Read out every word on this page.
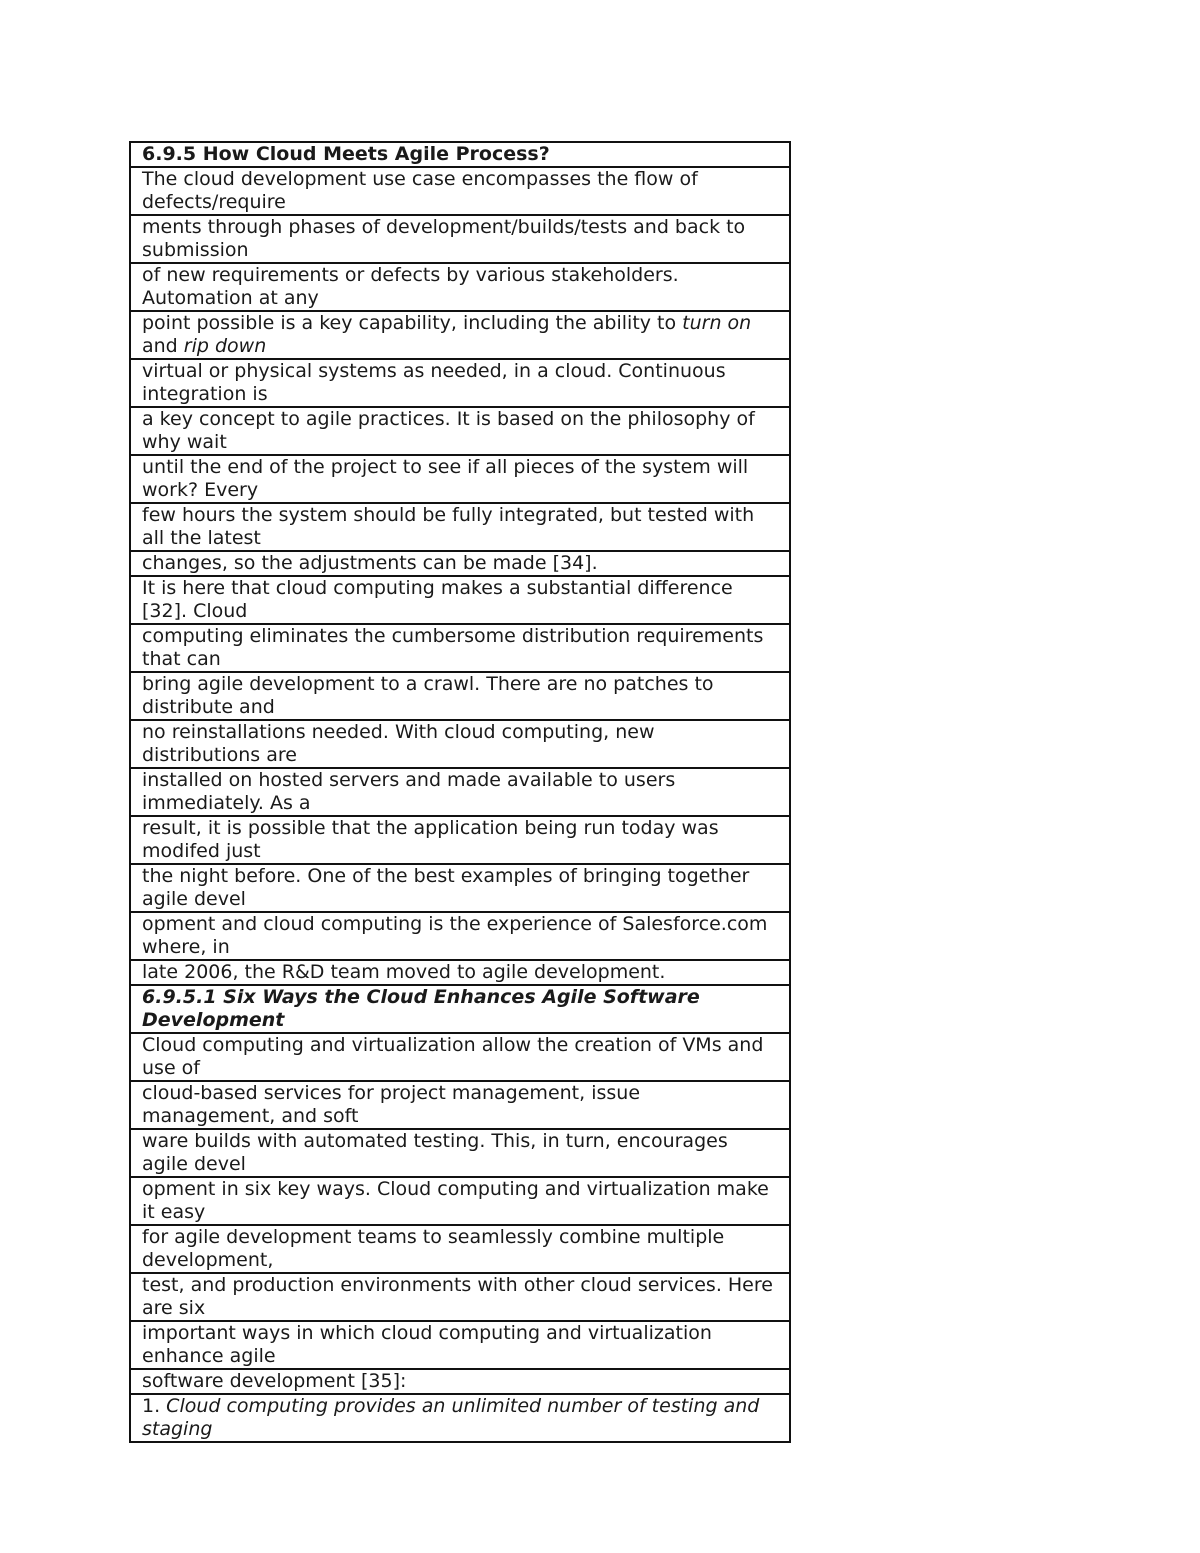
6.9.5 How Cloud Meets Agile Process?
The cloud development use case encompasses the flow of defects/require
ments through phases of development/builds/tests and back to submission
of new requirements or defects by various stakeholders. Automation at any
point possible is a key capability, including the ability to turn on and rip down
virtual or physical systems as needed, in a cloud. Continuous integration is
a key concept to agile practices. It is based on the philosophy of why wait
until the end of the project to see if all pieces of the system will work? Every
few hours the system should be fully integrated, but tested with all the latest
changes, so the adjustments can be made [34].
It is here that cloud computing makes a substantial difference [32]. Cloud
computing eliminates the cumbersome distribution requirements that can
bring agile development to a crawl. There are no patches to distribute and
no reinstallations needed. With cloud computing, new distributions are
installed on hosted servers and made available to users immediately. As a
result, it is possible that the application being run today was modifed just
the night before. One of the best examples of bringing together agile devel
opment and cloud computing is the experience of Salesforce.com where, in
late 2006, the R&D team moved to agile development.
6.9.5.1 Six Ways the Cloud Enhances Agile Software Development
Cloud computing and virtualization allow the creation of VMs and use of
cloud-based services for project management, issue management, and soft
ware builds with automated testing. This, in turn, encourages agile devel
opment in six key ways. Cloud computing and virtualization make it easy
for agile development teams to seamlessly combine multiple development,
test, and production environments with other cloud services. Here are six
important ways in which cloud computing and virtualization enhance agile
software development [35]:
1. Cloud computing provides an unlimited number of testing and staging
